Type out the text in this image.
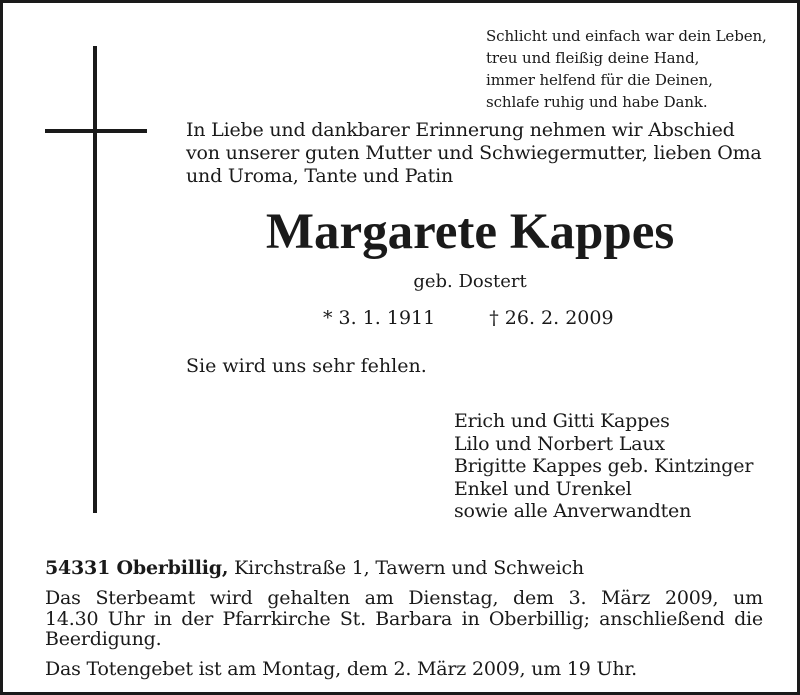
Schlicht und einfach war dein Leben,
treu und fleißig deine Hand,
immer helfend für die Deinen,
schlafe ruhig und habe Dank.
In Liebe und dankbarer Erinnerung nehmen wir Abschied
von unserer guten Mutter und Schwiegermutter, lieben Oma
und Uroma, Tante und Patin
Margarete Kappes
geb. Dostert
* 3. 1. 1911	† 26. 2. 2009
Sie wird uns sehr fehlen.
Erich und Gitti Kappes
Lilo und Norbert Laux
Brigitte Kappes geb. Kintzinger
Enkel und Urenkel
sowie alle Anverwandten
54331 Oberbillig, Kirchstraße 1, Tawern und Schweich
Das Sterbeamt wird gehalten am Dienstag, dem 3. März 2009, um
14.30 Uhr in der Pfarrkirche St. Barbara in Oberbillig; anschließend die
Beerdigung.
Das Totengebet ist am Montag, dem 2. März 2009, um 19 Uhr.
